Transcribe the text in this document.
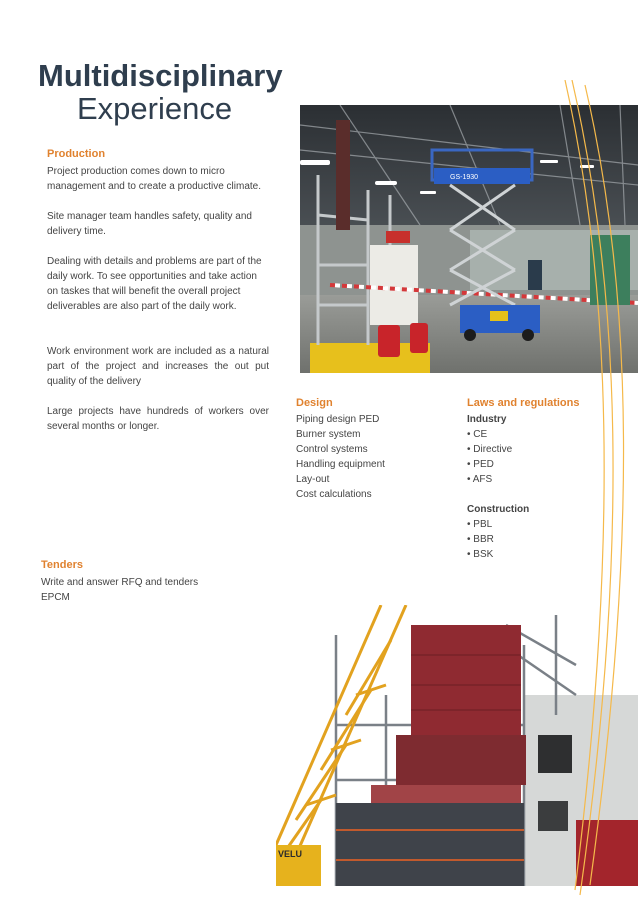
Multidisciplinary
Experience
Production

Project production comes down to micro management and to create a productive climate.

Site manager team handles safety, quality and delivery time.

Dealing with details and problems are part of the daily work. To see opportunities and take action on taskes that will benefit the overall project deliverables are also part of the daily work.

Work environment work are included as a natural part of the project and increases the out put quality of the delivery

Large projects have hundreds of workers over several months or longer.

Tenders
Write and answer RFQ and tenders
EPCM
Design
Piping design PED
Burner system
Control systems
Handling equipment
Lay-out
Cost calculations
Laws and regulations
Industry
• CE
• Directive
• PED
• AFS
Construction
• PBL
• BBR
• BSK
GS-1930
VELU
